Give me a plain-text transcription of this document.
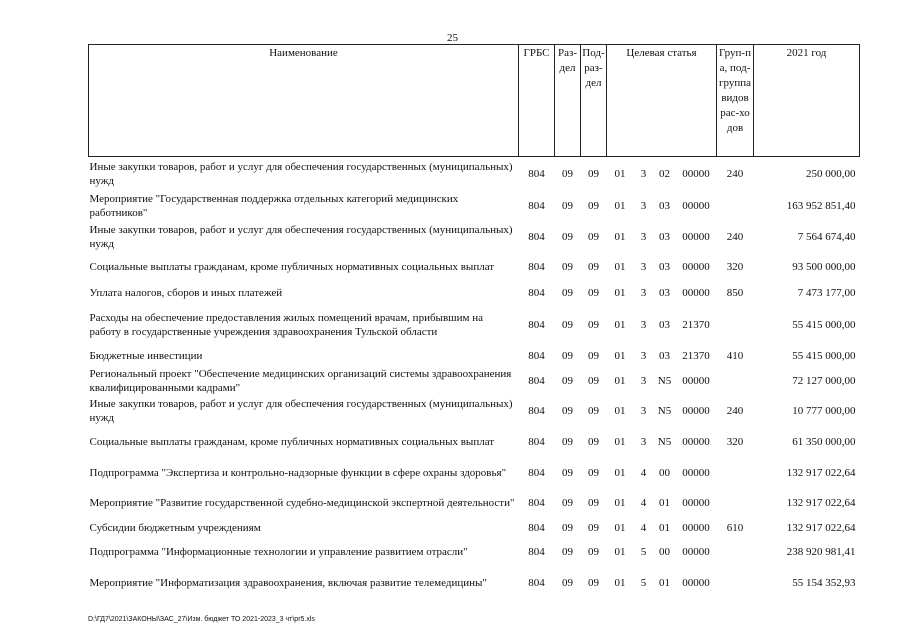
25
Наименование	ГРБС	Раз-дел	Под-раз-дел	Целевая статья				Груп-па, под-группа видов рас-ходов	2021 год
Иные закупки товаров, работ и услуг для обеспечения государственных (муниципальных) нужд	804	09	09	01	3	02	00000	240	250 000,00
Мероприятие "Государственная поддержка отдельных категорий медицинских работников"	804	09	09	01	3	03	00000		163 952 851,40
Иные закупки товаров, работ и услуг для обеспечения государственных (муниципальных) нужд	804	09	09	01	3	03	00000	240	7 564 674,40
Социальные выплаты гражданам, кроме публичных нормативных социальных выплат	804	09	09	01	3	03	00000	320	93 500 000,00
Уплата налогов, сборов и иных платежей	804	09	09	01	3	03	00000	850	7 473 177,00
Расходы на обеспечение предоставления жилых помещений врачам, прибывшим на работу в государственные учреждения здравоохранения Тульской области	804	09	09	01	3	03	21370		55 415 000,00
Бюджетные инвестиции	804	09	09	01	3	03	21370	410	55 415 000,00
Региональный проект "Обеспечение медицинских организаций системы здравоохранения квалифицированными кадрами"	804	09	09	01	3	N5	00000		72 127 000,00
Иные закупки товаров, работ и услуг для обеспечения государственных (муниципальных) нужд	804	09	09	01	3	N5	00000	240	10 777 000,00
Социальные выплаты гражданам, кроме публичных нормативных социальных выплат	804	09	09	01	3	N5	00000	320	61 350 000,00
Подпрограмма "Экспертиза и контрольно-надзорные функции в сфере охраны здоровья"	804	09	09	01	4	00	00000		132 917 022,64
Мероприятие "Развитие государственной судебно-медицинской экспертной деятельности"	804	09	09	01	4	01	00000		132 917 022,64
Субсидии бюджетным учреждениям	804	09	09	01	4	01	00000	610	132 917 022,64
Подпрограмма "Информационные технологии и управление развитием отрасли"	804	09	09	01	5	00	00000		238 920 981,41
Мероприятие "Информатизация здравоохранения, включая развитие телемедицины"	804	09	09	01	5	01	00000		55 154 352,93
D:\ГД7\2021\ЗАКОНЫ\ЗАС_27\Изм. бюджет ТО 2021-2023_3 чт\pr5.xls
